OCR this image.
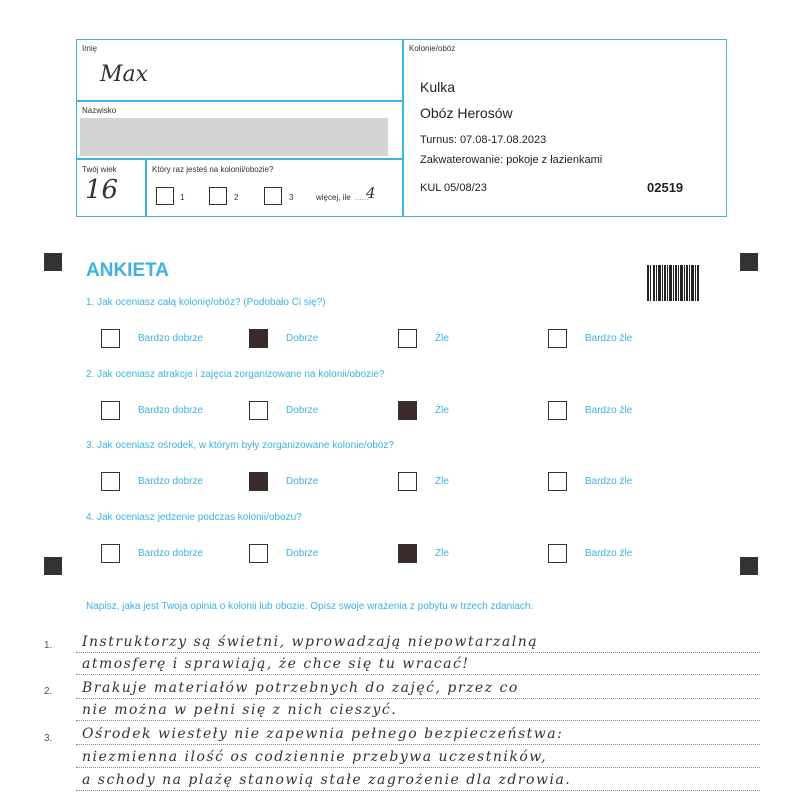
Imię
Max
Nazwisko
Twój wiek
16
Który raz jesteś na kolonii/obozie?
1	2	3	więcej, ile ......
4
Kolonie/obóz
Kulka
Obóz Herosów
Turnus: 07.08-17.08.2023
Zakwaterowanie: pokoje z łazienkami
KUL 05/08/23	02519
ANKIETA
1. Jak oceniasz całą kolonię/obóz? (Podobało Ci się?)
Bardzo dobrze	Dobrze	Źle	Bardzo źle
2. Jak oceniasz atrakcje i zajęcia zorganizowane na kolonii/obozie?
Bardzo dobrze	Dobrze	Źle	Bardzo źle
3. Jak oceniasz ośrodek, w którym były zorganizowane kolonie/obóz?
Bardzo dobrze	Dobrze	Źle	Bardzo źle
4. Jak oceniasz jedzenie podczas kolonii/obozu?
Bardzo dobrze	Dobrze	Źle	Bardzo źle
Napisz, jaka jest Twoja opinia o kolonii lub obozie. Opisz swoje wrażenia z pobytu w trzech zdaniach.
1.
2.
3.
Instruktorzy są świetni, wprowadzają niepowtarzalną
atmosferę i sprawiają, że chce się tu wracać!
Brakuje materiałów potrzebnych do zajęć, przez co
nie można w pełni się z nich cieszyć.
Ośrodek wiesteły nie zapewnia pełnego bezpieczeństwa:
niezmienna ilość os codziennie przebywa uczestników,
a schody na plażę stanowią stałe zagrożenie dla zdrowia.
